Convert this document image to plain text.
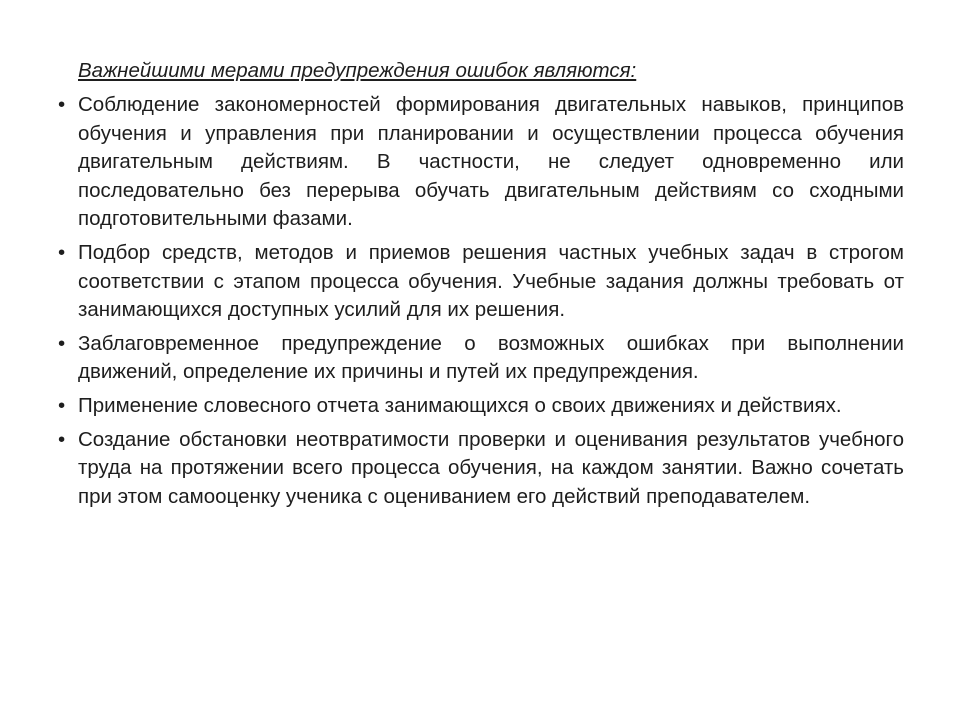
Важнейшими мерами предупреждения ошибок являются:

• Соблюдение закономерностей формирования двигательных навыков, принципов обучения и управления при планировании и осуществлении процесса обучения двигательным действиям. В частности, не следует одновременно или последовательно без перерыва обучать двигательным действиям со сходными подготовительными фазами.
• Подбор средств, методов и приемов решения частных учебных задач в строгом соответствии с этапом процесса обучения. Учебные задания должны требовать от занимающихся доступных усилий для их решения.
• Заблаговременное предупреждение о возможных ошибках при выполнении движений, определение их причины и путей их предупреждения.
• Применение словесного отчета занимающихся о своих движениях и действиях.
• Создание обстановки неотвратимости проверки и оценивания результатов учебного труда на протяжении всего процесса обучения, на каждом занятии. Важно сочетать при этом самооценку ученика с оцениванием его действий преподавателем.
